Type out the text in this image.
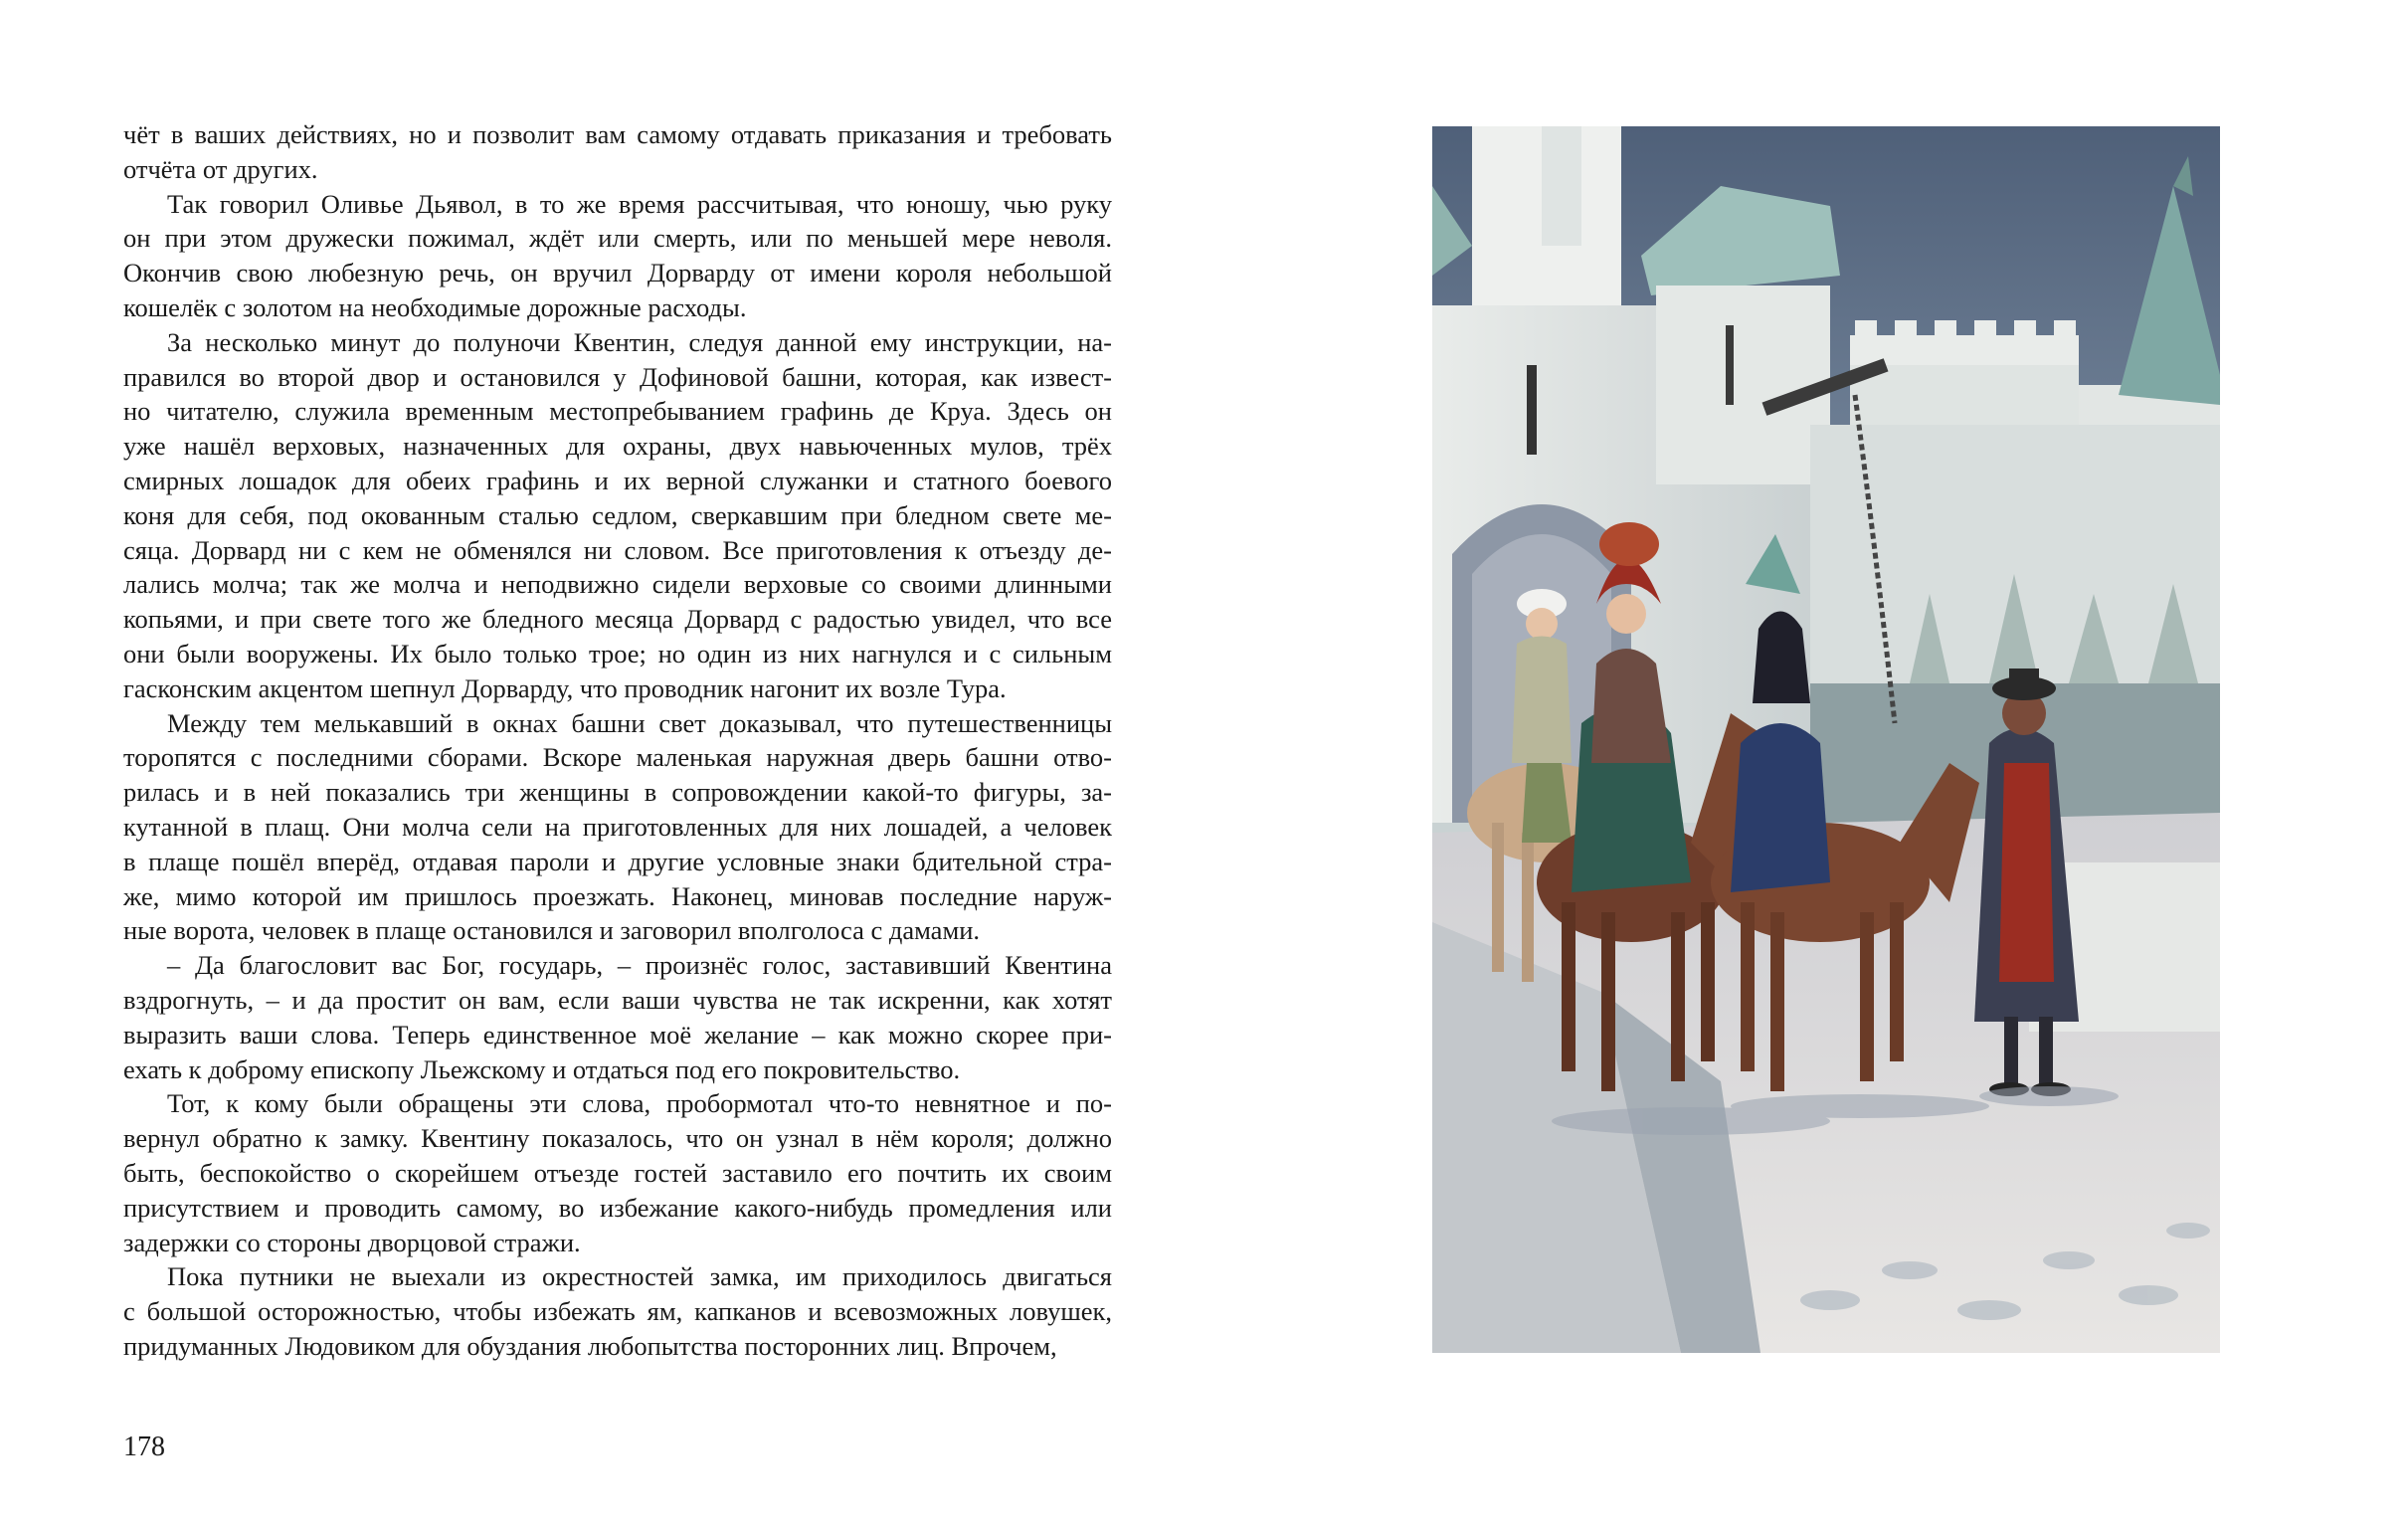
чёт в ваших действиях, но и позволит вам самому отдавать приказания и требовать

отчёта от других.

Так говорил Оливье Дьявол, в то же время рассчитывая, что юношу, чью руку

он при этом дружески пожимал, ждёт или смерть, или по меньшей мере неволя.

Окончив свою любезную речь, он вручил Дорварду от имени короля небольшой

кошелёк с золотом на необходимые дорожные расходы.

За несколько минут до полуночи Квентин, следуя данной ему инструкции, на-

правился во второй двор и остановился у Дофиновой башни, которая, как извест-

но читателю, служила временным местопребыванием графинь де Круа. Здесь он

уже нашёл верховых, назначенных для охраны, двух навьюченных мулов, трёх

смирных лошадок для обеих графинь и их верной служанки и статного боевого

коня для себя, под окованным сталью седлом, сверкавшим при бледном свете ме-

сяца. Дорвард ни с кем не обменялся ни словом. Все приготовления к отъезду де-

лались молча; так же молча и неподвижно сидели верховые со своими длинными

копьями, и при свете того же бледного месяца Дорвард с радостью увидел, что все

они были вооружены. Их было только трое; но один из них нагнулся и с сильным

гасконским акцентом шепнул Дорварду, что проводник нагонит их возле Тура.

Между тем мелькавший в окнах башни свет доказывал, что путешественницы

торопятся с последними сборами. Вскоре маленькая наружная дверь башни отво-

рилась и в ней показались три женщины в сопровождении какой-то фигуры, за-

кутанной в плащ. Они молча сели на приготовленных для них лошадей, а человек

в плаще пошёл вперёд, отдавая пароли и другие условные знаки бдительной стра-

же, мимо которой им пришлось проезжать. Наконец, миновав последние наруж-

ные ворота, человек в плаще остановился и заговорил вполголоса с дамами.

– Да благословит вас Бог, государь, – произнёс голос, заставивший Квентина

вздрогнуть, – и да простит он вам, если ваши чувства не так искренни, как хотят

выразить ваши слова. Теперь единственное моё желание – как можно скорее при-

ехать к доброму епископу Льежскому и отдаться под его покровительство.

Тот, к кому были обращены эти слова, пробормотал что-то невнятное и по-

вернул обратно к замку. Квентину показалось, что он узнал в нём короля; должно

быть, беспокойство о скорейшем отъезде гостей заставило его почтить их своим

присутствием и проводить самому, во избежание какого-нибудь промедления или

задержки со стороны дворцовой стражи.

Пока путники не выехали из окрестностей замка, им приходилось двигаться

с большой осторожностью, чтобы избежать ям, капканов и всевозможных ловушек,

придуманных Людовиком для обуздания любопытства посторонних лиц. Впрочем,

178
